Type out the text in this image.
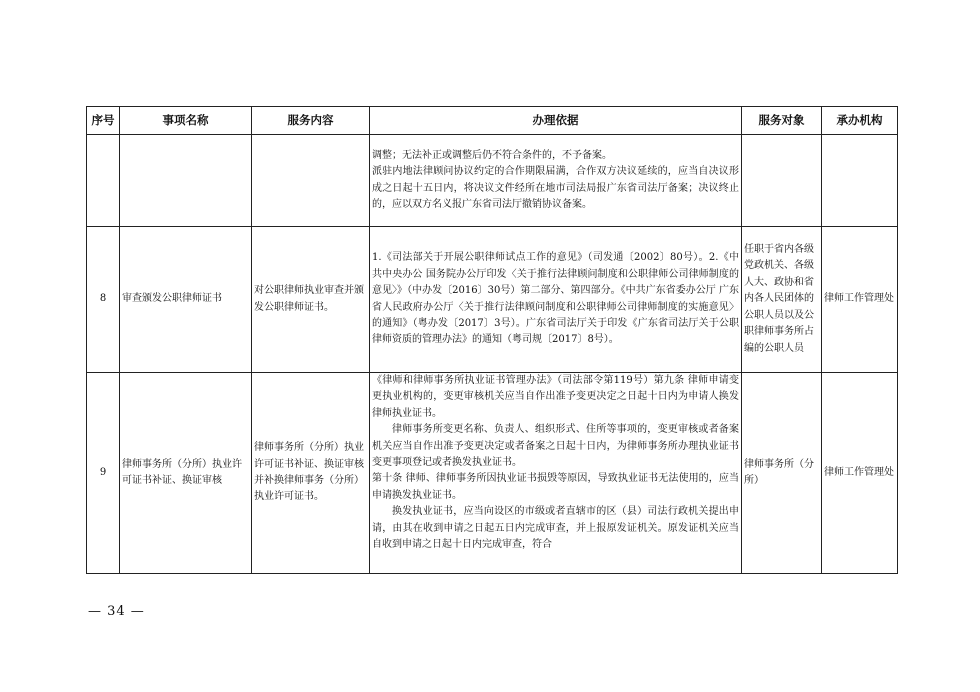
序号	事项名称	服务内容	办理依据	服务对象	承办机构

			调整；无法补正或调整后仍不符合条件的，不予备案。

派驻内地法律顾问协议约定的合作期限届满，合作双方决议延续的，应当自决议形成之日起十五日内，将决议文件经所在地市司法局报广东省司法厅备案；决议终止的，应以双方名义报广东省司法厅撤销协议备案。		

8	审查颁发公职律师证书	对公职律师执业审查并颁发公职律师证书。	1.《司法部关于开展公职律师试点工作的意见》（司发通〔2002〕80号）。2.《中共中央办公 国务院办公厅印发〈关于推行法律顾问制度和公职律师公司律师制度的意见〉》（中办发〔2016〕30号）第二部分、第四部分。《中共广东省委办公厅 广东省人民政府办公厅〈关于推行法律顾问制度和公职律师公司律师制度的实施意见〉的通知》（粤办发〔2017〕3号）。广东省司法厅关于印发《广东省司法厅关于公职律师资质的管理办法》的通知（粤司规〔2017〕8号）。	任职于省内各级党政机关、各级人大、政协和省内各人民团体的公职人员以及公职律师事务所占编的公职人员	律师工作管理处
9	律师事务所（分所）执业许可证书补证、换证审核	律师事务所（分所）执业许可证书补证、换证审核并补换律师事务（分所）执业许可证书。	《律师和律师事务所执业证书管理办法》（司法部令第119号）第九条 律师申请变更执业机构的，变更审核机关应当自作出准予变更决定之日起十日内为申请人换发律师执业证书。

律师事务所变更名称、负责人、组织形式、住所等事项的，变更审核或者备案机关应当自作出准予变更决定或者备案之日起十日内，为律师事务所办理执业证书变更事项登记或者换发执业证书。

第十条 律师、律师事务所因执业证书损毁等原因，导致执业证书无法使用的，应当申请换发执业证书。

换发执业证书，应当向设区的市级或者直辖市的区（县）司法行政机关提出申请，由其在收到申请之日起五日内完成审查，并上报原发证机关。原发证机关应当自收到申请之日起十日内完成审查，符合	律师事务所（分所）	律师工作管理处
— 34 —
